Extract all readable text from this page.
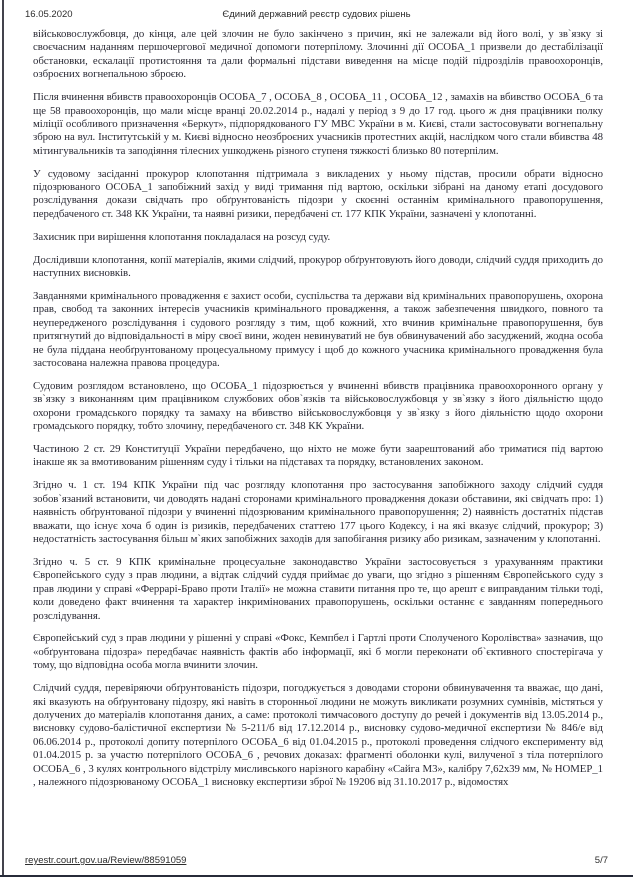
16.05.2020	Єдиний державний реєстр судових рішень

військовослужбовця, до кінця, але цей злочин не було закінчено з причин, які не залежали від його волі, у зв`язку зі своєчасним наданням першочергової медичної допомоги потерпілому. Злочинні дії ОСОБА_1 призвели до дестабілізації обстановки, ескалації протистояння та дали формальні підстави виведення на місце подій підрозділів правоохоронців, озброєних вогнепальною зброєю.

Після вчинення вбивств правоохоронців ОСОБА_7 , ОСОБА_8 , ОСОБА_11 , ОСОБА_12 , замахів на вбивство ОСОБА_6 та ще 58 правоохоронців, що мали місце вранці 20.02.2014 р., надалі у період з 9 до 17 год. цього ж дня працівники полку міліції особливого призначення «Беркут», підпорядкованого ГУ МВС України в м. Києві, стали застосовувати вогнепальну зброю на вул. Інститутській у м. Києві відносно неозброєних учасників протестних акцій, наслідком чого стали вбивства 48 мітингувальників та заподіяння тілесних ушкоджень різного ступеня тяжкості близько 80 потерпілим.

У судовому засіданні прокурор клопотання підтримала з викладених у ньому підстав, просили обрати відносно підозрюваного ОСОБА_1 запобіжний захід у виді тримання під вартою, оскільки зібрані на даному етапі досудового розслідування докази свідчать про обґрунтованість підозри у скоєнні останнім кримінального правопорушення, передбаченого ст. 348 КК України, та наявні ризики, передбачені ст. 177 КПК України, зазначені у клопотанні.

Захисник при вирішення клопотання покладалася на розсуд суду.

Дослідивши клопотання, копії матеріалів, якими слідчий, прокурор обґрунтовують його доводи, слідчий суддя приходить до наступних висновків.

Завданнями кримінального провадження є захист особи, суспільства та держави від кримінальних правопорушень, охорона прав, свобод та законних інтересів учасників кримінального провадження, а також забезпечення швидкого, повного та неупередженого розслідування і судового розгляду з тим, щоб кожний, хто вчинив кримінальне правопорушення, був притягнутий до відповідальності в міру своєї вини, жоден невинуватий не був обвинувачений або засуджений, жодна особа не була піддана необґрунтованому процесуальному примусу і щоб до кожного учасника кримінального провадження була застосована належна правова процедура.

Судовим розглядом встановлено, що ОСОБА_1 підозрюється у вчиненні вбивств працівника правоохоронного органу у зв`язку з виконанням цим працівником службових обов`язків та військовослужбовця у зв`язку з його діяльністю щодо охорони громадського порядку та замаху на вбивство військовослужбовця у зв`язку з його діяльністю щодо охорони громадського порядку, тобто злочину, передбаченого ст. 348 КК України.

Частиною 2 ст. 29 Конституції України передбачено, що ніхто не може бути заарештований або триматися під вартою інакше як за вмотивованим рішенням суду і тільки на підставах та порядку, встановлених законом.

Згідно ч. 1 ст. 194 КПК України під час розгляду клопотання про застосування запобіжного заходу слідчий суддя зобов`язаний встановити, чи доводять надані сторонами кримінального провадження докази обставини, які свідчать про: 1) наявність обґрунтованої підозри у вчиненні підозрюваним кримінального правопорушення; 2) наявність достатніх підстав вважати, що існує хоча б один із ризиків, передбачених статтею 177 цього Кодексу, і на які вказує слідчий, прокурор; 3) недостатність застосування більш м`яких запобіжних заходів для запобігання ризику або ризикам, зазначеним у клопотанні.

Згідно ч. 5 ст. 9 КПК кримінальне процесуальне законодавство України застосовується з урахуванням практики Європейського суду з прав людини, а відтак слідчий суддя приймає до уваги, що згідно з рішенням Європейського суду з прав людини у справі «Феррарі-Браво проти Італії» не можна ставити питання про те, що арешт є виправданим тільки тоді, коли доведено факт вчинення та характер інкримінованих правопорушень, оскільки останнє є завданням попереднього розслідування.

Європейський суд з прав людини у рішенні у справі «Фокс, Кемпбел і Гартлі проти Сполученого Королівства» зазначив, що «обґрунтована підозра» передбачає наявність фактів або інформації, які б могли переконати об`єктивного спостерігача у тому, що відповідна особа могла вчинити злочин.

Слідчий суддя, перевіряючи обґрунтованість підозри, погоджується з доводами сторони обвинувачення та вважає, що дані, які вказують на обґрунтовану підозру, які навіть в сторонньої людини не можуть викликати розумних сумнівів, містяться у долучених до матеріалів клопотання даних, а саме: протоколі тимчасового доступу до речей і документів від 13.05.2014 р., висновку судово-балістичної експертизи № 5-211/б від 17.12.2014 р., висновку судово-медичної експертизи № 846/е від 06.06.2014 р., протоколі допиту потерпілого ОСОБА_6 від 01.04.2015 р., протоколі проведення слідчого експерименту від 01.04.2015 р. за участю потерпілого ОСОБА_6 , речових доказах: фрагменті оболонки кулі, вилученої з тіла потерпілого ОСОБА_6 , 3 кулях контрольного відстрілу мисливського нарізного карабіну «Сайга М3», калібру 7,62х39 мм, № НОМЕР_1 , належного підозрюваному ОСОБА_1 висновку експертизи зброї № 19206 від 31.10.2017 р., відомостях

reyestr.court.gov.ua/Review/88591059	5/7
